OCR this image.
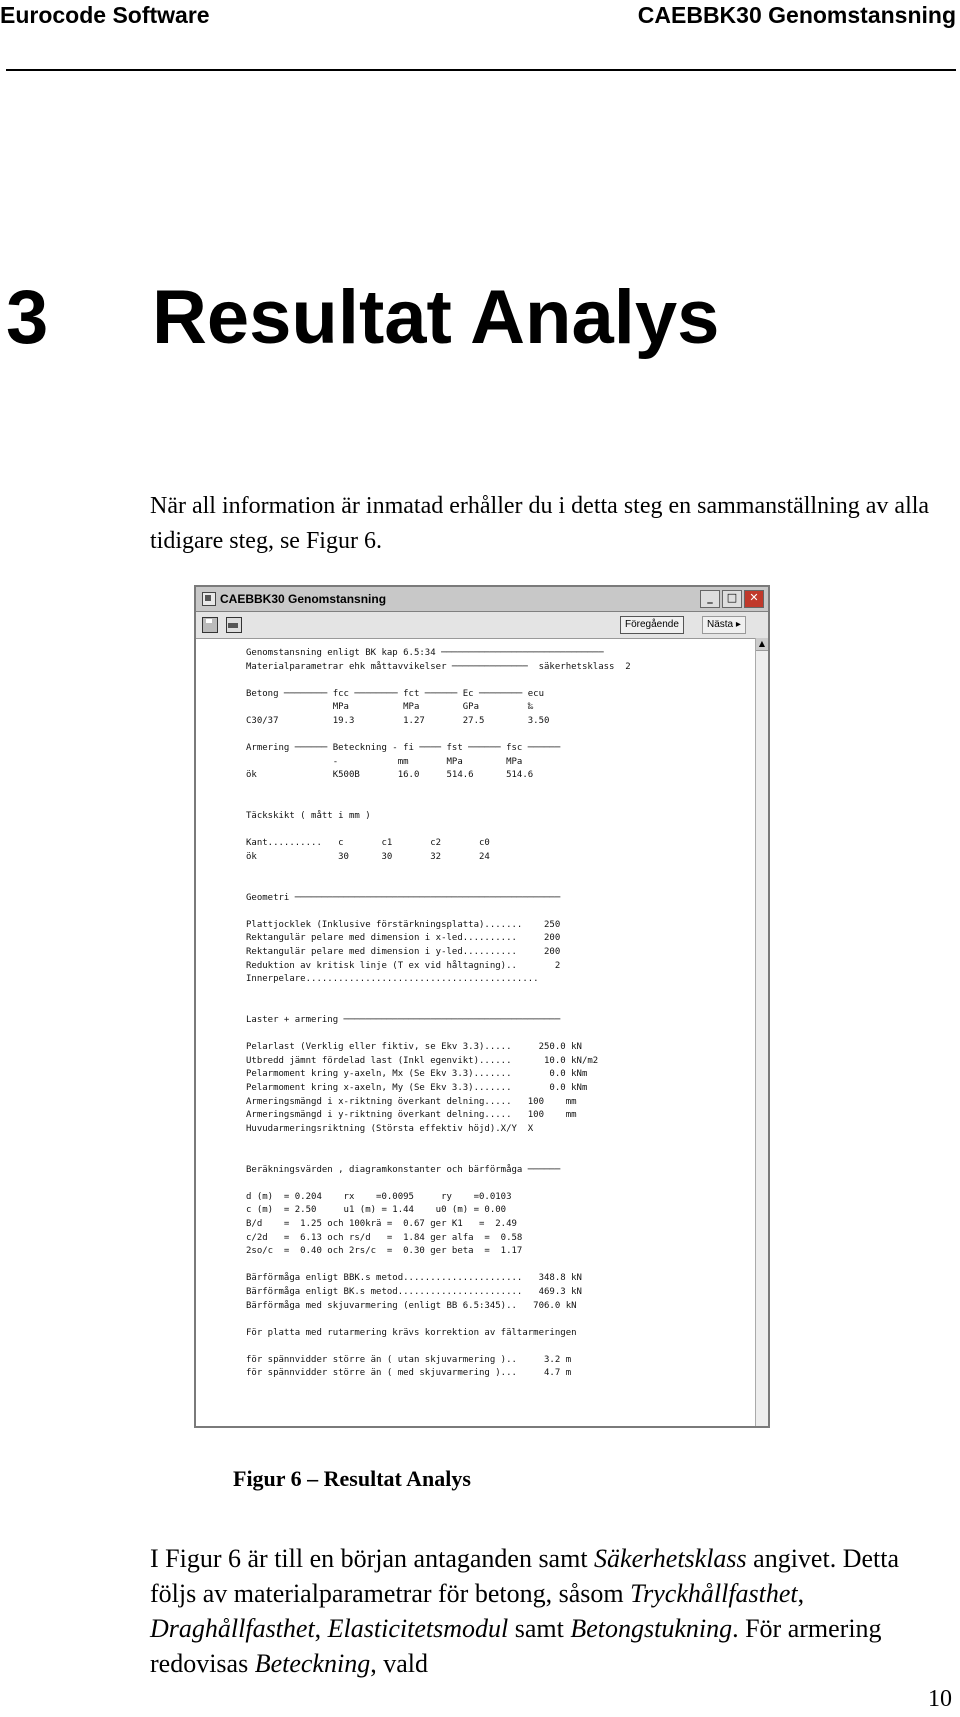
Eurocode Software	CAEBBK30 Genomstansning
3 Resultat Analys
När all information är inmatad erhåller du i detta steg en sammanställning av alla tidigare steg, se Figur 6.
CAEBBK30 Genomstansning	_	□	✕
Föregående	Nästa ▸
▲
Genomstansning enligt BK kap 6.5:34 ──────────────────────────────
Materialparametrar ehk måttavvikelser ──────────────  säkerhetsklass  2
Betong ──────── fcc ──────── fct ────── Ec ──────── ecu
MPa          MPa        GPa         ‰
C30/37          19.3         1.27       27.5        3.50
Armering ────── Beteckning - fi ──── fst ────── fsc ──────
-           mm       MPa        MPa
ök              K500B       16.0     514.6      514.6
Täckskikt ( mått i mm )
Kant..........   c       c1       c2       c0
ök               30      30       32       24
Geometri ─────────────────────────────────────────────────
Plattjocklek (Inklusive förstärkningsplatta).......    250
Rektangulär pelare med dimension i x-led..........     200
Rektangulär pelare med dimension i y-led..........     200
Reduktion av kritisk linje (T ex vid håltagning)..       2
Innerpelare...........................................
Laster + armering ────────────────────────────────────────
Pelarlast (Verklig eller fiktiv, se Ekv 3.3).....     250.0 kN
Utbredd jämnt fördelad last (Inkl egenvikt)......      10.0 kN/m2
Pelarmoment kring y-axeln, Mx (Se Ekv 3.3).......       0.0 kNm
Pelarmoment kring x-axeln, My (Se Ekv 3.3).......       0.0 kNm
Armeringsmängd i x-riktning överkant delning.....   100    mm
Armeringsmängd i y-riktning överkant delning.....   100    mm
Huvudarmeringsriktning (Största effektiv höjd).X/Y  X
Beräkningsvärden , diagramkonstanter och bärförmåga ──────
d (m)  = 0.204    rx    =0.0095     ry    =0.0103
c (m)  = 2.50     u1 (m) = 1.44    u0 (m) = 0.00
B/d    =  1.25 och 100krä =  0.67 ger K1   =  2.49
c/2d   =  6.13 och rs/d   =  1.84 ger alfa  =  0.58
2so/c  =  0.40 och 2rs/c  =  0.30 ger beta  =  1.17
Bärförmåga enligt BBK.s metod......................   348.8 kN
Bärförmåga enligt BK.s metod.......................   469.3 kN
Bärförmåga med skjuvarmering (enligt BB 6.5:345)..   706.0 kN
För platta med rutarmering krävs korrektion av fältarmeringen
för spännvidder större än ( utan skjuvarmering )..     3.2 m
för spännvidder större än ( med skjuvarmering )...     4.7 m
Figur 6 – Resultat Analys
I Figur 6 är till en början antaganden samt Säkerhetsklass angivet. Detta följs av materialparametrar för betong, såsom Tryckhållfasthet, Draghållfasthet, Elasticitetsmodul samt Betongstukning. För armering redovisas Beteckning, vald
10
